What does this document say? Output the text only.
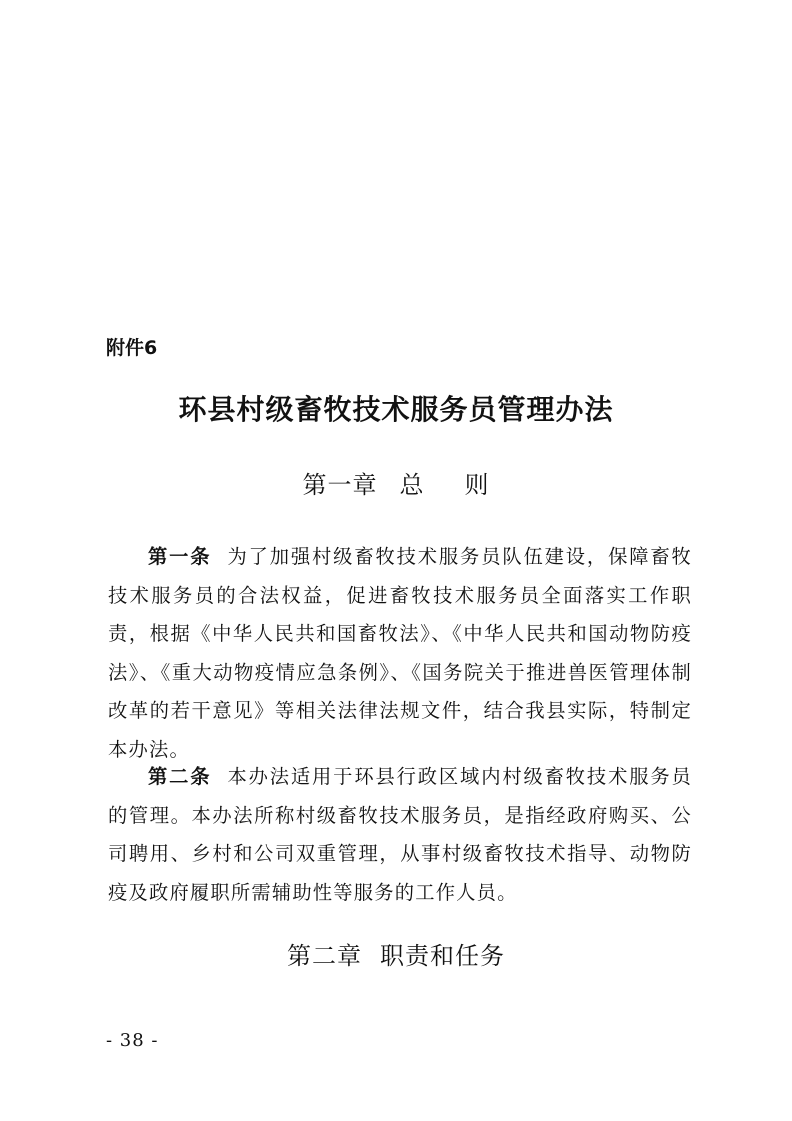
附件6
环县村级畜牧技术服务员管理办法
第一章 总 则
第一条 为了加强村级畜牧技术服务员队伍建设，保障畜牧技术服务员的合法权益，促进畜牧技术服务员全面落实工作职责，根据《中华人民共和国畜牧法》、《中华人民共和国动物防疫法》、《重大动物疫情应急条例》、《国务院关于推进兽医管理体制改革的若干意见》等相关法律法规文件，结合我县实际，特制定本办法。
第二条 本办法适用于环县行政区域内村级畜牧技术服务员的管理。本办法所称村级畜牧技术服务员，是指经政府购买、公司聘用、乡村和公司双重管理，从事村级畜牧技术指导、动物防疫及政府履职所需辅助性等服务的工作人员。
第二章 职责和任务
- 38 -
